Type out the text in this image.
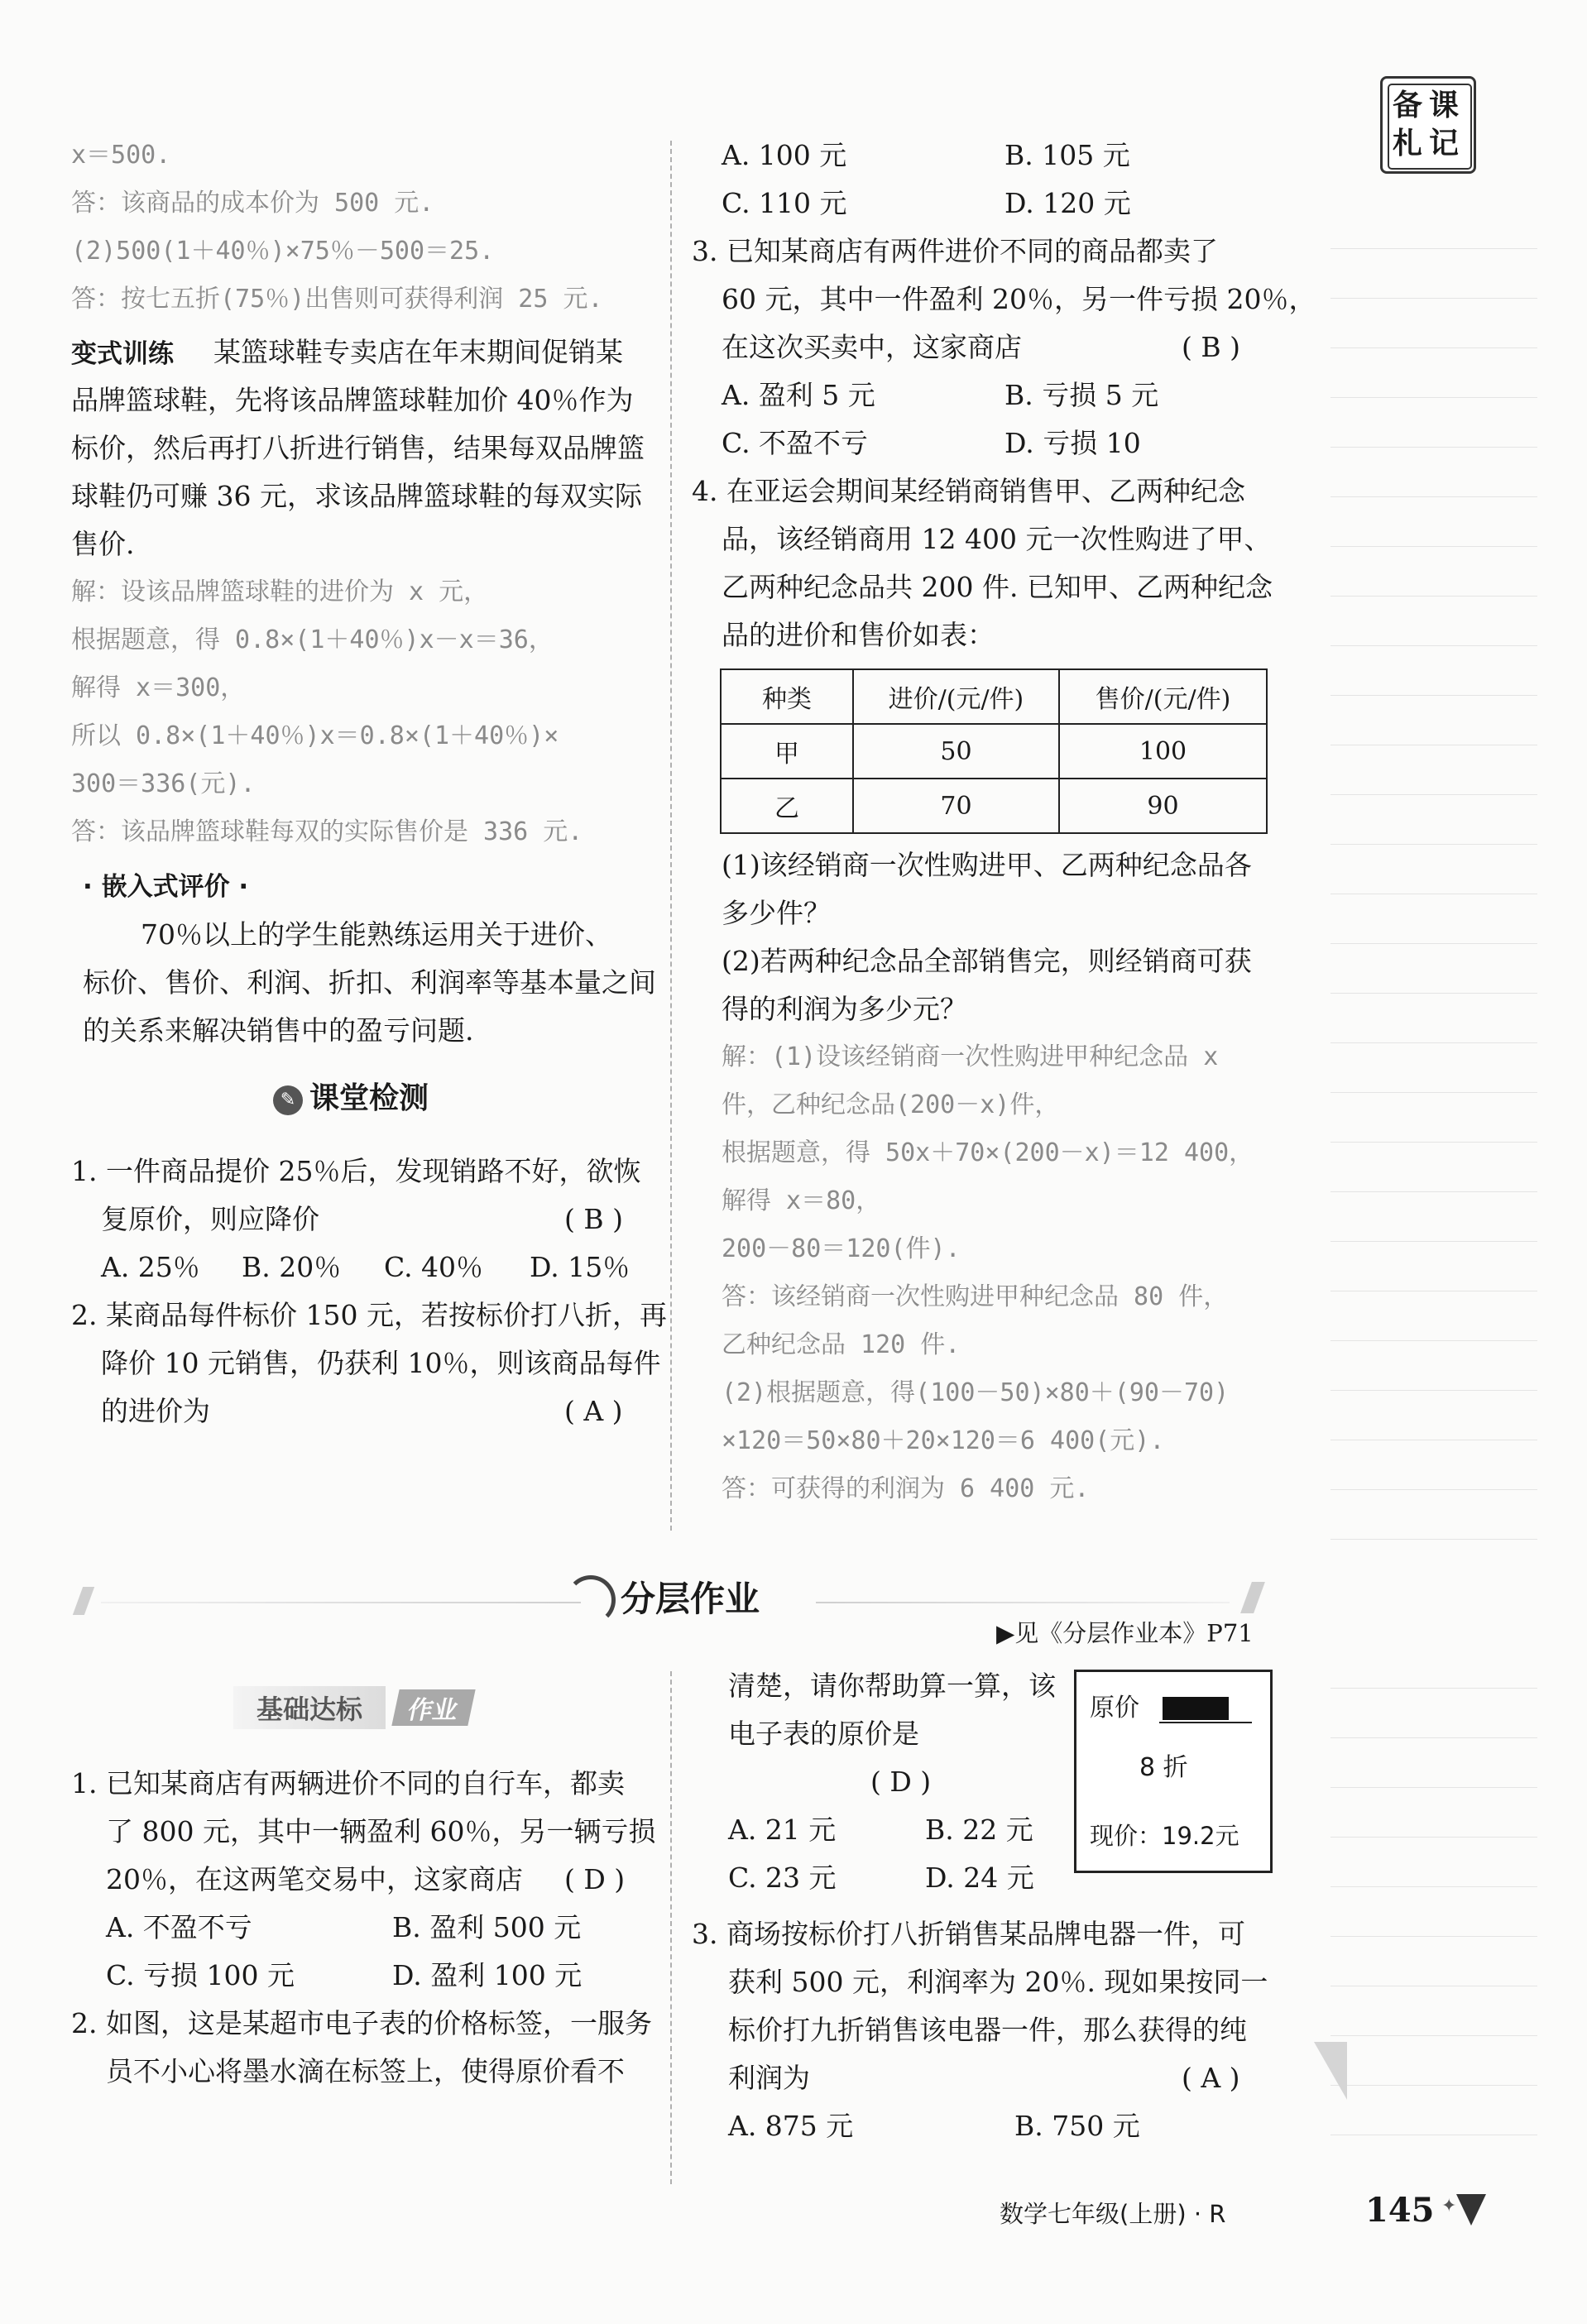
备 课
札 记
x＝500.
答：该商品的成本价为 500 元.
(2)500(1＋40％)×75％－500＝25.
答：按七五折(75％)出售则可获得利润 25 元.
变式训练 某篮球鞋专卖店在年末期间促销某
品牌篮球鞋，先将该品牌篮球鞋加价 40％作为
标价，然后再打八折进行销售，结果每双品牌篮
球鞋仍可赚 36 元，求该品牌篮球鞋的每双实际
售价.
解：设该品牌篮球鞋的进价为 x 元，
根据题意，得 0.8×(1＋40％)x－x＝36，
解得 x＝300，
所以 0.8×(1＋40％)x＝0.8×(1＋40％)×
300＝336(元).
答：该品牌篮球鞋每双的实际售价是 336 元.
· 嵌入式评价 ·
70％以上的学生能熟练运用关于进价、
标价、售价、利润、折扣、利润率等基本量之间
的关系来解决销售中的盈亏问题.
✎ 课堂检测
1. 一件商品提价 25％后，发现销路不好，欲恢
复原价，则应降价	( B )
A. 25％ B. 20％ C. 40％ D. 15％
2. 某商品每件标价 150 元，若按标价打八折，再
降价 10 元销售，仍获利 10％，则该商品每件
的进价为	( A )
A. 100 元	B. 105 元
C. 110 元	D. 120 元
3. 已知某商店有两件进价不同的商品都卖了
60 元，其中一件盈利 20％，另一件亏损 20％，
在这次买卖中，这家商店	( B )
A. 盈利 5 元	B. 亏损 5 元
C. 不盈不亏	D. 亏损 10
4. 在亚运会期间某经销商销售甲、乙两种纪念
品，该经销商用 12 400 元一次性购进了甲、
乙两种纪念品共 200 件. 已知甲、乙两种纪念
品的进价和售价如表：
种类	进价/(元/件)	售价/(元/件)
甲	50	100
乙	70	90
(1)该经销商一次性购进甲、乙两种纪念品各
多少件？
(2)若两种纪念品全部销售完，则经销商可获
得的利润为多少元？
解：(1)设该经销商一次性购进甲种纪念品 x
件，乙种纪念品(200－x)件，
根据题意，得 50x＋70×(200－x)＝12 400，
解得 x＝80，
200－80＝120(件).
答：该经销商一次性购进甲种纪念品 80 件，
乙种纪念品 120 件.
(2)根据题意，得(100－50)×80＋(90－70)
×120＝50×80＋20×120＝6 400(元).
答：可获得的利润为 6 400 元.
分层作业
▶见《分层作业本》P71
基础达标	作业
1. 已知某商店有两辆进价不同的自行车，都卖
了 800 元，其中一辆盈利 60％，另一辆亏损
20％，在这两笔交易中，这家商店 ( D )
A. 不盈不亏	B. 盈利 500 元
C. 亏损 100 元	D. 盈利 100 元
2. 如图，这是某超市电子表的价格标签，一服务
员不小心将墨水滴在标签上，使得原价看不
清楚，请你帮助算一算，该
电子表的原价是
( D )
A. 21 元	B. 22 元
C. 23 元	D. 24 元
原价
8 折
现价：19.2元
3. 商场按标价打八折销售某品牌电器一件，可
获利 500 元，利润率为 20％. 现如果按同一
标价打九折销售该电器一件，那么获得的纯
利润为	( A )
A. 875 元	B. 750 元
数学七年级(上册) · R	145 ✦
